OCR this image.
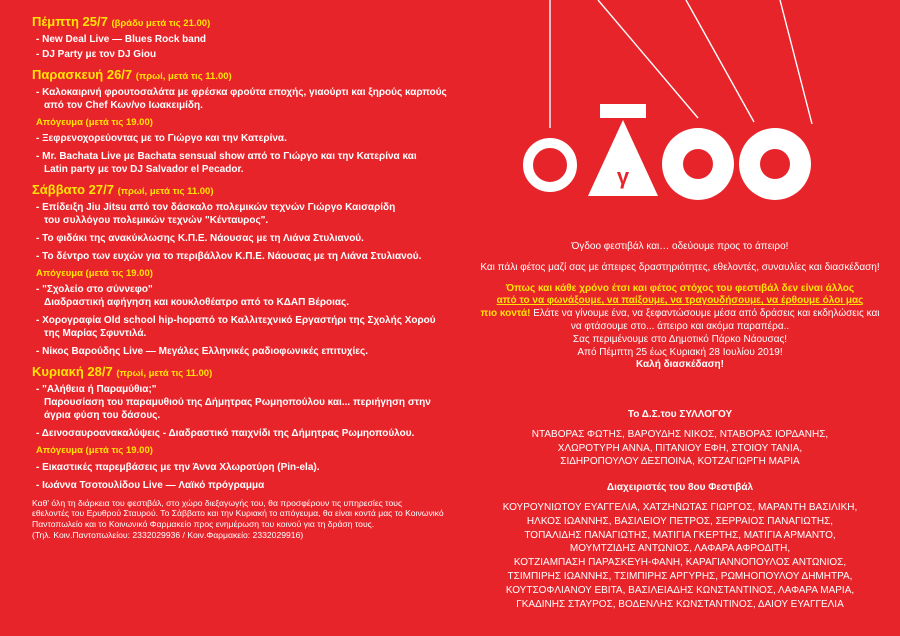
Πέμπτη 25/7 (βράδυ μετά τις 21.00)
- New Deal Live — Blues Rock band
- DJ Party με τον DJ Giou
Παρασκευή 26/7 (πρωί, μετά τις 11.00)
- Καλοκαιρινή φρουτοσαλάτα με φρέσκα φρούτα εποχής, γιαούρτι και ξηρούς καρπούς
από τον Chef Κων/νο Ιωακειμίδη.
Απόγευμα (μετά τις 19.00)
- Ξεφρενοχορεύοντας με το Γιώργο και την Κατερίνα.
- Mr. Bachata Live με Bachata sensual show από το Γιώργο και την Κατερίνα και
Latin party με τον DJ Salvador el Pecador.
Σάββατο 27/7 (πρωί, μετά τις 11.00)
- Επίδειξη Jiu Jitsu από τον δάσκαλο πολεμικών τεχνών Γιώργο Καισαρίδη
του συλλόγου πολεμικών τεχνών "Κένταυρος".
- Το φιδάκι της ανακύκλωσης Κ.Π.Ε. Νάουσας με τη Λιάνα Στυλιανού.
- Το δέντρο των ευχών για το περιβάλλον Κ.Π.Ε. Νάουσας με τη Λιάνα Στυλιανού.
Απόγευμα (μετά τις 19.00)
- "Σχολείο στο σύννεφο"
Διαδραστική αφήγηση και κουκλοθέατρο από το ΚΔΑΠ Βέροιας.
- Χορογραφία Old school hip-hopαπό το Καλλιτεχνικό Εργαστήρι της Σχολής Χορού
της Μαρίας Σφυντιλά.
- Νίκος Βαρούδης Live — Μεγάλες Ελληνικές ραδιοφωνικές επιτυχίες.
Κυριακή 28/7 (πρωί, μετά τις 11.00)
- "Αλήθεια ή Παραμύθια;"
Παρουσίαση του παραμυθιού της Δήμητρας Ρωμηοπούλου και... περιήγηση στην
άγρια φύση του δάσους.
- Δεινοσαυροανακαλύψεις - Διαδραστικό παιχνίδι της Δήμητρας Ρωμηοπούλου.
Απόγευμα (μετά τις 19.00)
- Εικαστικές παρεμβάσεις με την Άννα Χλωροτύρη (Pin-ela).
- Ιωάννα Τσοτουλίδου Live — Λαϊκό πρόγραμμα
Καθ' όλη τη διάρκεια του φεστιβάλ, στο χώρο διεξαγωγής του, θα προσφέρουν τις υπηρεσίες τους
εθελοντές του Ερυθρού Σταυρού. Το Σάββατο και την Κυριακή το απόγευμα, θα είναι κοντά μας το Κοινωνικό
Παντοπωλείο και το Κοινωνικό Φαρμακείο προς ενημέρωση του κοινού για τη δράση τους.
(Τηλ. Κοιν.Παντοπωλείου: 2332029936 / Κοιν.Φαρμακείο: 2332029916)
γ

Όγδοο φεστιβάλ και… οδεύουμε προς το άπειρο!

Και πάλι φέτος μαζί σας με άπειρες δραστηριότητες, εθελοντές, συναυλίες και διασκέδαση!

Όπως και κάθε χρόνο έτσι και φέτος στόχος του φεστιβάλ δεν είναι άλλος
από το να φωνάξουμε, να παίξουμε, να τραγουδήσουμε, να έρθουμε όλοι μας
πιο κοντά! Ελάτε να γίνουμε ένα, να ξεφαντώσουμε μέσα από δράσεις και εκδηλώσεις και να φτάσουμε στο... άπειρο και ακόμα παραπέρα..
Σας περιμένουμε στο Δημοτικό Πάρκο Νάουσας!
Από Πέμπτη 25 έως Κυριακή 28 Ιουλίου 2019!
Καλή διασκέδαση!

Το Δ.Σ.του ΣΥΛΛΟΓΟΥ
ΝΤΑΒΟΡΑΣ ΦΩΤΗΣ, ΒΑΡΟΥΔΗΣ ΝΙΚΟΣ, ΝΤΑΒΟΡΑΣ ΙΟΡΔΑΝΗΣ,
ΧΛΩΡΟΤΥΡΗ ΑΝΝΑ, ΠΙΤΑΝΙΟΥ ΕΦΗ, ΣΤΟΙΟΥ ΤΑΝΙΑ,
ΣΙΔΗΡΟΠΟΥΛΟΥ ΔΕΣΠΟΙΝΑ, ΚΟΤΖΑΓΙΩΡΓΗ ΜΑΡΙΑ
Διαχειριστές του 8ου Φεστιβάλ
ΚΟΥΡΟΥΝΙΩΤΟΥ ΕΥΑΓΓΕΛΙΑ, ΧΑΤΖΗΝΩΤΑΣ ΓΙΩΡΓΟΣ, ΜΑΡΑΝΤΗ ΒΑΣΙΛΙΚΗ,
ΗΛΚΟΣ ΙΩΑΝΝΗΣ, ΒΑΣΙΛΕΙΟΥ ΠΕΤΡΟΣ, ΣΕΡΡΑΙΟΣ ΠΑΝΑΓΙΩΤΗΣ,
ΤΟΠΑΛΙΔΗΣ ΠΑΝΑΓΙΩΤΗΣ, ΜΑΤΙΓΙΑ ΓΚΕΡΤΗΣ, ΜΑΤΙΓΙΑ ΑΡΜΑΝΤΟ,
ΜΟΥΜΤΖΙΔΗΣ ΑΝΤΩΝΙΟΣ, ΛΑΦΑΡΑ ΑΦΡΟΔΙΤΗ,
ΚΟΤΖΙΑΜΠΑΣΗ ΠΑΡΑΣΚΕΥΗ-ΦΑΝΗ, ΚΑΡΑΓΙΑΝΝΟΠΟΥΛΟΣ ΑΝΤΩΝΙΟΣ,
ΤΣΙΜΠΙΡΗΣ ΙΩΑΝΝΗΣ, ΤΣΙΜΠΙΡΗΣ ΑΡΓΥΡΗΣ, ΡΩΜΗΟΠΟΥΛΟΥ ΔΗΜΗΤΡΑ,
ΚΟΥΤΣΟΦΛΙΑΝΟΥ ΕΒΙΤΑ, ΒΑΣΙΛΕΙΑΔΗΣ ΚΩΝΣΤΑΝΤΙΝΟΣ, ΛΑΦΑΡΑ ΜΑΡΙΑ,
ΓΚΑΔΙΝΗΣ ΣΤΑΥΡΟΣ, ΒΟΔΕΝΛΗΣ ΚΩΝΣΤΑΝΤΙΝΟΣ, ΔΑΙΟΥ ΕΥΑΓΓΕΛΙΑ
